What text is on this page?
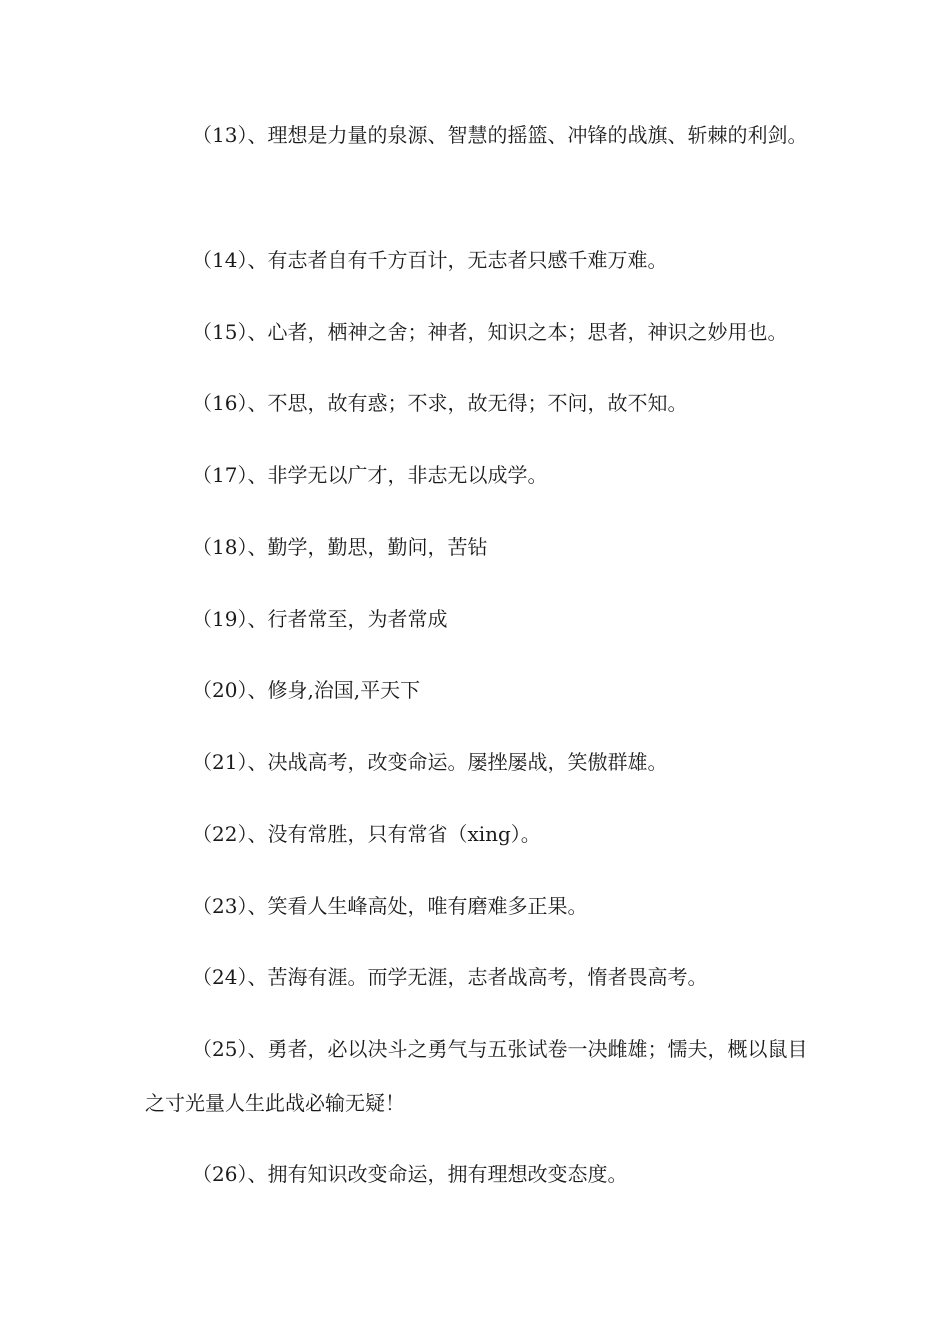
（13）、理想是力量的泉源、智慧的摇篮、冲锋的战旗、斩棘的利剑。

（14）、有志者自有千方百计，无志者只感千难万难。

（15）、心者，栖神之舍；神者，知识之本；思者，神识之妙用也。

（16）、不思，故有惑；不求，故无得；不问，故不知。

（17）、非学无以广才，非志无以成学。

（18）、勤学，勤思，勤问，苦钻

（19）、行者常至，为者常成

（20）、修身,治国,平天下

（21）、决战高考，改变命运。屡挫屡战，笑傲群雄。

（22）、没有常胜，只有常省（xing）。

（23）、笑看人生峰高处，唯有磨难多正果。

（24）、苦海有涯。而学无涯，志者战高考，惰者畏高考。

（25）、勇者，必以决斗之勇气与五张试卷一决雌雄；懦夫，概以鼠目之寸光量人生此战必输无疑！

（26）、拥有知识改变命运，拥有理想改变态度。
